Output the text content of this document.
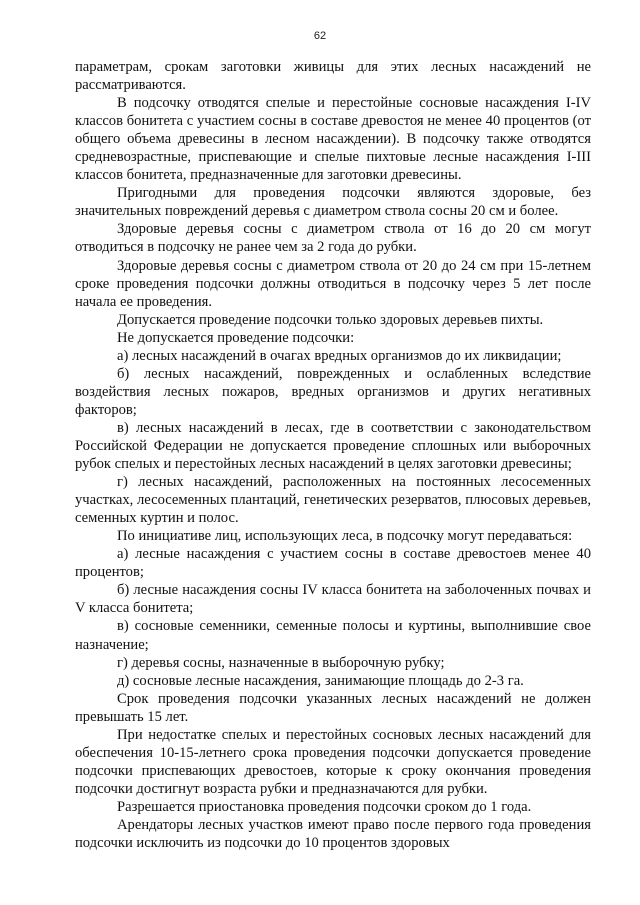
62

параметрам, срокам заготовки живицы для этих лесных насаждений не рассматриваются.

В подсочку отводятся спелые и перестойные сосновые насаждения I-IV классов бонитета с участием сосны в составе древостоя не менее 40 процентов (от общего объема древесины в лесном насаждении). В подсочку также отводятся средневозрастные, приспевающие и спелые пихтовые лесные насаждения I-III классов бонитета, предназначенные для заготовки древесины.

Пригодными для проведения подсочки являются здоровые, без значительных повреждений деревья с диаметром ствола сосны 20 см и более.

Здоровые деревья сосны с диаметром ствола от 16 до 20 см могут отводиться в подсочку не ранее чем за 2 года до рубки.

Здоровые деревья сосны с диаметром ствола от 20 до 24 см при 15-летнем сроке проведения подсочки должны отводиться в подсочку через 5 лет после начала ее проведения.

Допускается проведение подсочки только здоровых деревьев пихты.

Не допускается проведение подсочки:

а) лесных насаждений в очагах вредных организмов до их ликвидации;

б) лесных насаждений, поврежденных и ослабленных вследствие воздействия лесных пожаров, вредных организмов и других негативных факторов;

в) лесных насаждений в лесах, где в соответствии с законодательством Российской Федерации не допускается проведение сплошных или выборочных рубок спелых и перестойных лесных насаждений в целях заготовки древесины;

г) лесных насаждений, расположенных на постоянных лесосеменных участках, лесосеменных плантаций, генетических резерватов, плюсовых деревьев, семенных куртин и полос.

По инициативе лиц, использующих леса, в подсочку могут передаваться:

а) лесные насаждения с участием сосны в составе древостоев менее 40 процентов;

б) лесные насаждения сосны IV класса бонитета на заболоченных почвах и V класса бонитета;

в) сосновые семенники, семенные полосы и куртины, выполнившие свое назначение;

г) деревья сосны, назначенные в выборочную рубку;

д) сосновые лесные насаждения, занимающие площадь до 2-3 га.

Срок проведения подсочки указанных лесных насаждений не должен превышать 15 лет.

При недостатке спелых и перестойных сосновых лесных насаждений для обеспечения 10-15-летнего срока проведения подсочки допускается проведение подсочки приспевающих древостоев, которые к сроку окончания проведения подсочки достигнут возраста рубки и предназначаются для рубки.

Разрешается приостановка проведения подсочки сроком до 1 года.

Арендаторы лесных участков имеют право после первого года проведения подсочки исключить из подсочки до 10 процентов здоровых
